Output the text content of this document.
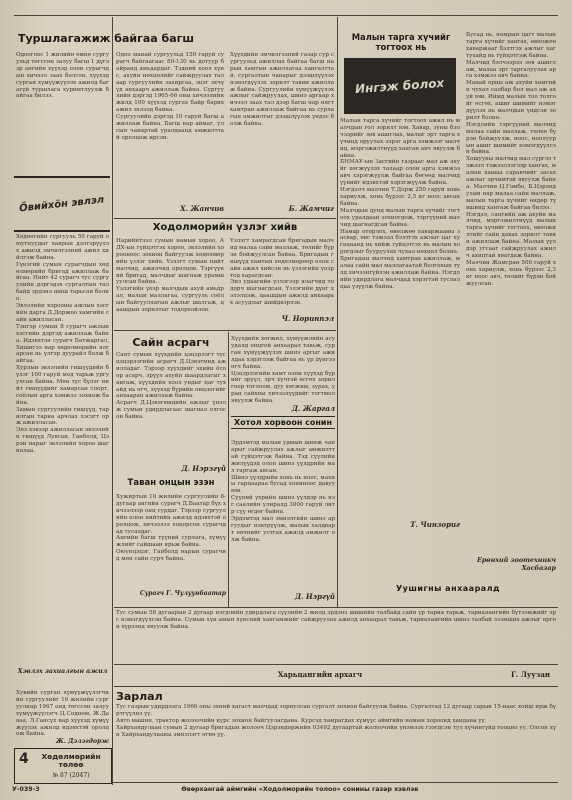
Туршлагажиж байгаа багш
Одоогоос 1 жилийн өмнө сургуульд төгссөн залуу багш 1 дүгээр ангийн хүүхэд олон сурагчдын хичээл заах болсон, хүүхэд сурган хүмүүжүүлэх ажилд багагүй туршлага хуримтлуулж байгаа билээ.
Ӧвийхӧн эвлэл
Хөдөөгийн сургууль 50 гаруй оюутнуудыг хаврын дэлгэрүүлэх ажилд эмчилгээний ажил хийлгэж байна.
Гүнзгий сумын сурагчдын хөдөлмөрийн бригад ажиллаж байгаа. Нийт 42 сурагч тус сургуулийн дэргэдэх сургалтын талбайд эрдэнэ шиш тарьсан болно.
Эвлэлийн хорооны ажлын хэсгийн дарга Д.Доржоо хамгийн сайн ажилласан.
Тэнгэр сумын 8 сурагч ажлын хэсгийн дэргэд ажиллаж байна. Идэвхтэн сурагч Батжаргал, Хишигээ нар хөдөлмөрийн ялгарсан нь үлгэр дуурайл болж байгаа.
Хурлын эвлэлийн гишүүдийн бүлэг 100 гаруй мод тарьж ургуулсан байна. Мөн тус бүлэг нийт гишүүдийг хамарсан спорт, соёлын арга хэмжээ зохиож байна.
Замын сургуулийн гишүүд, тарилгын тариа арчлах хэсэгт орж ажилласан.
Энэ хэвээр ажилласан эвлэлийн гишүүд Лувсан, Ганболд, Цэрэн нарыг эвлэлийн хороо шагналаа.
Хэвлэх захиалгын ажил
Хувийн сурган хүмүүжүүлэгчийн сургуулийг 10 жилийн сургуулиар 1967 онд төгссөн залуу хүмүүжүүлэгч Ц.Содном, Ж.Даваа, Л.Гансүх нар хүүхэд хүмүүжүүлэх ажилд идэвхтэй оролцож байна.
Ж. Дэлэгдорж
4	Хөдөлмөрийн төлөө
№ 87 (2047)
Одоо манай сургуульд 150 гаруй сурагч байгаагаас 80-130 нь дотуур байранд амьдардаг. Тэдний хоол хүнс, ахуйн нөхцөлийг сайжруулах талаар сургуулийн захиргаа, эцэг эхчүүд анхаарч ажиллаж байна. Сургуулийн дэргэд 1965-66 оны хичээлийн жилд 100 хүүхэд сургах байр барих ажил эхлээд байна.
Сургуулийн дэргэд 10 гаруй багш ажиллаж байна. Багш нар аймаг, улсын чанартай уралдаанд амжилттай оролцож ирсэн.
Х. Жанчив
Хүүхдийн эмчилгээний газар сур сургуульд ажиллах байгаа багш нарын хамтын ажиллагаа хангалттай, сургалтын чанарыг дээшлүүлэх нэмэгдүүлэх зорилт тавин ажиллаж байна. Сургуулийн хүмүүжүүлэх ажлыг сайжруулах, шинэ аргаар хичээл заах тал дээр багш нар нягт хамтран ажиллаж байгаа нь сурлагын амжилтыг дээшлүүлэх үндэс болж байна.
Б. Жамчиг
Ходолморийн үзлэг хийв
Нарийнтээл сумын намын хороо, АДХ-ын гүйцэтгэх хороо, эвлэлийн хорооноос зохион байгуулж хөдөлмөрийн үзлэг хийв. Үзлэгт сумын нийт малчид, ажилчид оролцов. Тэргүүний бригад, малчдыг шагнаж урамшуулсан байна.
Үзлэгийн үеэр малчдын ахуй амьдрал, малын маллагаа, сургууль соёлын байгууллагын ажлыг шалгаж, цаашдын зорилтыг тодорхойлов.
Үзлэгт хамрагдсан бригадын малчид малаа сайн маллаж, төлийг бүрэн бойжуулсан байна. Бригадын гишүүд хамтын хөдөлмөрөөр олон сайн ажил хийсэн нь үзлэгийн үеэр тод харагдсан.
Энэ удаагийн үзлэгээр ялагчид тодорч шагнагдсан. Үзлэгийн дүнг хэлэлцэж, цаашдын ажилд анхаарах асуудлыг шийдвэрлэв.
Ч. Норинпэл
Сайн асрагч
Сант сумын хүүхдийн цэцэрлэгт тус цэцэрлэгийн асрагч Д.Цэвэгмид ажилладаг. Тэрээр хүүхдийг эхийн ёсоор асарч, эрүүл ахуйн шаардлагыг хангаж, хүүхдийн хоол ундыг цаг тухайд нь өгч, хүүхэд бүрийн онцлогийг анхааран ажиллаж байна.
Асрагч Д.Цэвэгмидийн ажлыг үнэлж сумын удирдлагаас шагнал олгосон байна.
Д. Нэрэгүй
Хүүхдийн хөгжил, хүмүүжлийн асуудалд онцгой анхаарал тавьж, сурган хүмүүжүүлэх шинэ аргыг ажилдаа хэрэглэж байгаа нь үр дүнгээ өгч байна.
Цэцэрлэгийн хамт олон хүүхэд бүрийг эрүүл, эрч хүчтэй өсгөх зорилгоор тоглоом, дуу хөгжим, зурах, уран сайхны хичээлүүдийг тогтмол явуулж байна.
Д. Жаргал
Хотол хорвоон сонин
Эрдэмтэд малын удмын шинж чанарыг сайжруулах ажлыг амжилттай гүйцэтгэж байна. Тэд сүүлийн жилүүдэд олон шинэ үүлдрийн мал гаргаж авсан.
Шинэ үүлдрийн хонь нь ноос, махны гарцаараа бусад хониноос давуу юм.
Сүүний үхрийн шинэ үүлдэр нь нэг саалийн улиралд 3000 гаруй литр сүү өгдөг байна.
Эрдэмтэд мал эмнэлгийн шинэ аргуудыг нэвтрүүлж, малын халдварт өвчнийг устгах ажилд амжилт олж байна.
Д. Нэргүй
Таван онцын эзэн
Хужиртын 10 жилийн сургуулийн 6-дугаар ангийн сурагч Д.Баатар бүх хичээлээр онц сурдаг. Тэрээр сургуулийн олон нийтийн ажилд идэвхтэй оролцож, хичээлээ хоцорсон сурагчдад тусалдаг.
Ангийн багш түүний сурлага, хүмүүжлийг сайшаан ярьж байна.
Оюунцэцэг, Ганболд нарын сурагчид мөн сайн сурч байна.
Сурагч Г. Чулуунбаатар
Малын тарга хүчийг тогтоох нь
Ингэж болох
Малын тарга хүчийг тогтоох ажил нь малчдын гол зорилт юм. Хавар, зуны бэлчээрийг зөв ашиглах, малыг эрт тарга хүчинд оруулах зэрэг арга хэмжээг малчид, мэргэжилтнүүд ханган авч явуулж байна.
БНМАУ-ын Засгийн газраас мал аж ахуйг хөгжүүлэх талаар олон арга хэмжээ авч хэрэгжүүлж байгаа бөгөөд малчид үүнийг идэвхтэй хэрэгжүүлж байна.
Нэгдэлч малчин Т.Дорж 250 гаруй хонь хариулж, хонь бүрээс 2,5 кг ноос авсан байна.
Малчдын дунд малын тарга хүчийг тогтоох уралдаан зохиогдож, тэргүүний малчид шагнагдсан байна.
Намар оторлох, өвөлжөө хаваржааны засвар, өвс тэжээл бэлтгэх ажлыг цаг хугацаанд нь хийж гүйцэтгэх нь малын хорогдлыг бууруулах чухал нөхцөл болно.
Бригадын малчид хамтран ажиллаж, малаа сайн мал маллагаатай болгохын тулд хичээнгүйлэн ажиллаж байна. Нэгдлийн удирдлага малчдад хэрэгтэй туслалцаа үзүүлж байна.
Т. Чинзориг
Бусад нь, намрын цагт малын тарга хүчийг хангах, өвөлжөө хаваржааг бэлтгэх ажлыг цаг тухайд нь гүйцэтгэж байна.
Малчид бэлчээрээ зөв ашиглаж, малаа эрт таргалуулах арга хэмжээ авч байна.
Манай орны аж ахуйн хамгийн чухал салбар бол мал аж ахуй юм. Иймд малын тоо толгойг өсгөх, ашиг шимийг нэмэгдүүлэх нь малчдын үндсэн зорилт болно.
Нэгдлийн тэргүүний малчид малаа сайн маллаж, төлөө бүрэн бойжуулж, ноос, ноолуурын ашиг шимийг нэмэгдүүлсэн байна.
Хошууны малчид мал сүргээ тэжээл тэжээллэгээр хангах, малын хашаа саравчийг засах ажлыг эрчимтэй явуулж байна. Малчин Ц.Гомбо, Б.Цэрэндулам нар малаа сайн маллаж, малын тарга хүчийг өндөр түвшинд хангаж байгаа билээ.
Нэгдэл, сангийн аж ахуйн малчид, мэргэжилтнүүд малын тарга хүчийг тогтоох, өвөлжилтийг сайн давах зорилт тавин ажиллаж байна. Малын үүлдэр угсааг сайжруулах ажил ч ахицтай явагдаж байна.
Малчин Жамсран 500 гаруй хонь хариулж, хонь бүрээс 2,3 кг ноос авч, төлийг бүрэн бойжуулсан.
Ерөнхий зоотехникч Хасбазар
Уушигны анхааралд
Тус сумын 58 дугаарын 2 дугаар нэгдлийн удирдлага сүүлийн 2 жилд эрдэнэ шишийн талбайд сайн үр тариа тарьж, тариалангийн бүтээмжийг эрс нэмэгдүүлсэн байна. Сумын хүн амын хүнсний хангамжийг сайжруулах ажилд анхаарал тавьж, тариалангийн шинэ талбай эзэмших ажлыг өргөн хүрээнд явуулж байна.
Харьцангийн архагч	Г. Луузан
Зарлал
Тус газрын удирдлага 1966 оны эхний хагаст малчдад зориулсан сургалт зохион байгуулж байна. Сургалтад 12 дугаар сарын 15-наас хойш ирж бүртгүүлнэ үү.
Авто машин, трактор жолоочийн курс зохион байгуулагдана. Курсэд хамрагдах хүмүүс аймгийн намын хороонд хандана уу.
Хайрхандулаан сумын 2 дугаар бригадын жолооч Цэрэндоржийн 03492 дугаартай жолоочийн үнэмлэх гээгдсэн тул хүчингүйд тооцно уу. Олсон хүн Хайрхандулааны эмнэлэгт өгнө үү.
У-039-3	Өвөрхангай аймгийн «Ходолморийн толоо» сонины газар хэвлэв
